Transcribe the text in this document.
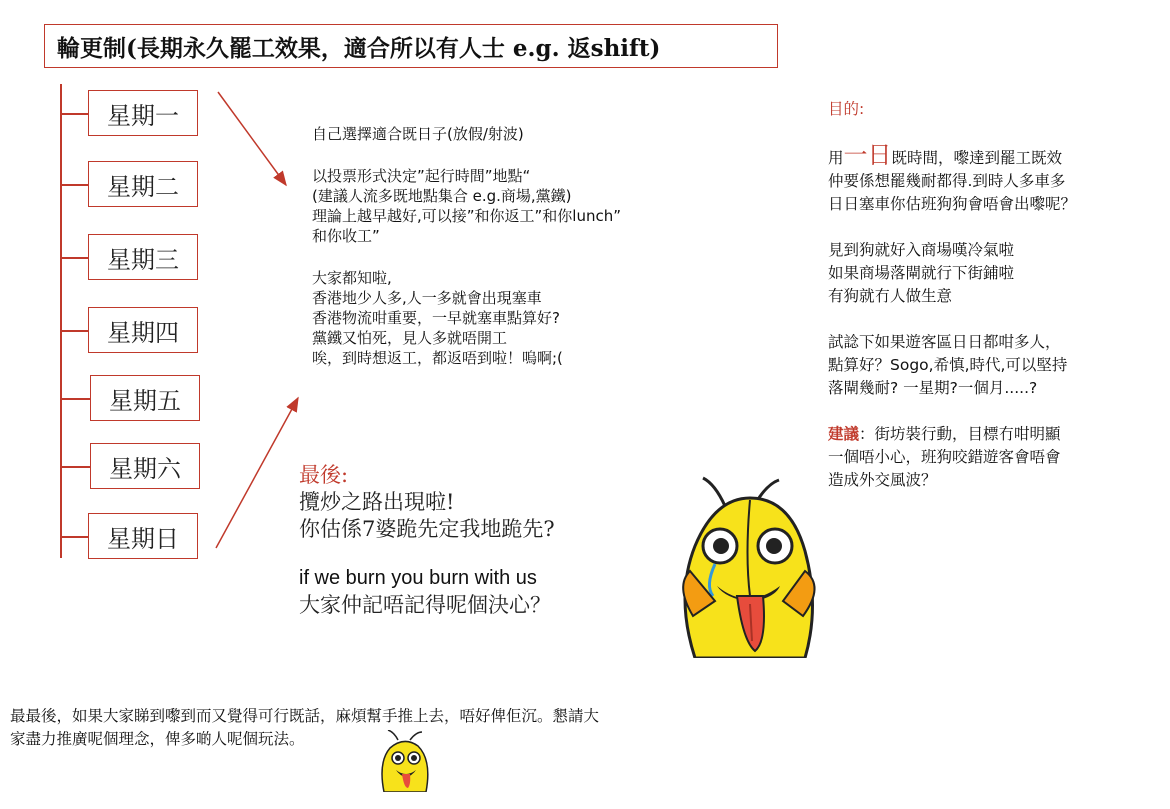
輪更制(長期永久罷工效果，適合所以有人士 e.g. 返shift)
星期一
星期二
星期三
星期四
星期五
星期六
星期日

自己選擇適合既日子(放假/射波)

以投票形式決定”起行時間”地點“
(建議人流多既地點集合 e.g.商場,黨鐵)
理論上越早越好,可以接”和你返工”和你lunch”
和你收工”

大家都知啦,
香港地少人多,人一多就會出現塞車
香港物流咁重要，一早就塞車點算好?
黨鐵又怕死，見人多就唔開工
唉，到時想返工，都返唔到啦！嗚啊;(

最後:
攬炒之路出現啦!
你估係7婆跪先定我地跪先?
if we burn you burn with us
大家仲記唔記得呢個決心？
目的:

用一日既時間，嚟達到罷工既效
仲要係想罷幾耐都得.到時人多車多
日日塞車你估班狗狗會唔會出嚟呢？

見到狗就好入商場嘆冷氣啦
如果商場落閘就行下街鋪啦
有狗就冇人做生意

試諗下如果遊客區日日都咁多人，
點算好？Sogo,希慎,時代,可以堅持
落閘幾耐? 一星期?一個月.....?

建議：街坊裝行動，目標冇咁明顯
一個唔小心，班狗咬錯遊客會唔會
造成外交風波？

最最後，如果大家睇到嚟到而又覺得可行既話，麻煩幫手推上去，唔好俾佢沉。懇請大
家盡力推廣呢個理念，俾多啲人呢個玩法。
